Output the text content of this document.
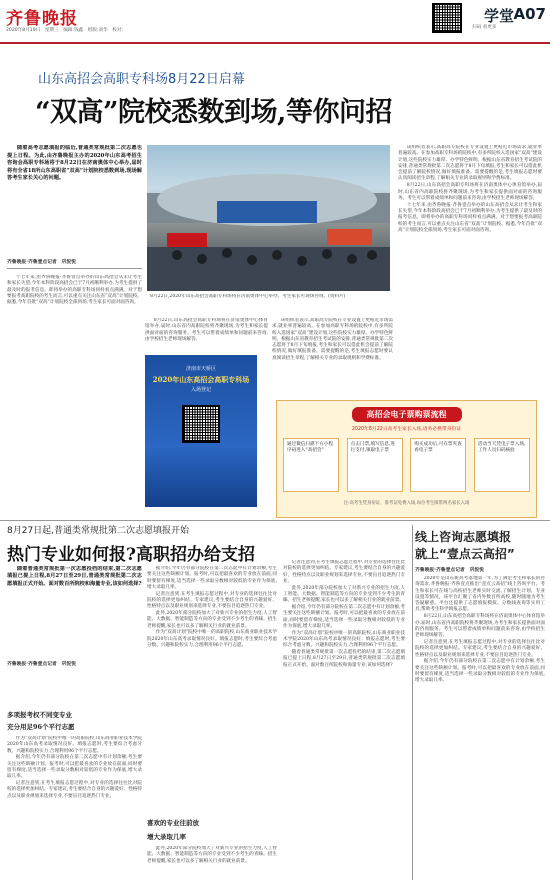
齐鲁晚报
2020年8月19日　星期三　编辑:钱鑫　组版:刘华　校对:
扫码 看更多
学堂 A07
山东高招会高职专科场8月22日启幕
“双高”院校悉数到场,等你问招

随着高考志愿填报的临近,普通类常规批第二次志愿也提上日程。为此,由齐鲁晚报主办的2020年山东高考招生咨询会高职专科场将于8月22日在济南奥体中心举办,届时将有全省18所山东高职省“双高”计划院校悉数到场,现场解答考生家长关心的问题。

齐鲁晚报·齐鲁壹点记者　巩悦悦
8月22日,2020年山东高招会高职专科场将在济南奥体中心举办。考生家长可现场咨询。(资料片)

十七年来,由齐鲁晚报·齐鲁壹点举办的山东高招会从未让考生和家长失望,今年本科阶段高招会已于7月初顺利举办,为考生提供了最及时的报考信息。即将举办的高职专科场同样看点满满。对于想要报考高职院校的考生而言,可以重点关注山东省“双高”计划院校。据悉,今年首批“双高”计划院校全部到场,考生家长可面对面咨询。

济南市天桥区
2020年山东高招会高职专科场
入场登记

8月22日,山东高招会高职专科场将在济南奥体中心体育馆举办,届时,山东省内高职院校将齐聚现场,为考生和家长提供面对面的咨询服务。考生可以带着成绩单和问题前来咨询,由学校招生老师现场解答。

该组织者表示,高职高专院校在专业设置上更贴近市场需求,就业率普遍较高。在参加高职专科场的院校中,有多所院校入选国家“双高”建设计划,这些院校实力雄厚、办学特色鲜明。根据山东省教育招生考试院的安排,普通类常规批第二次志愿将于8月下旬填报,考生和家长可以借此机会提前了解院校情况,做好填报准备。需要提醒的是,考生填报志愿时要认真阅读招生章程,了解相关专业的录取规则和学费标准。

该组织者表示,高职高专院校在专业设置上更贴近市场需求,就业率普遍较高。在参加高职专科场的院校中,有多所院校入选国家“双高”建设计划,这些院校实力雄厚、办学特色鲜明。根据山东省教育招生考试院的安排,普通类常规批第二次志愿将于8月下旬填报,考生和家长可以借此机会提前了解院校情况,做好填报准备。需要提醒的是,考生填报志愿时要认真阅读招生章程,了解相关专业的录取规则和学费标准。

8月22日,山东高招会高职专科场将在济南奥体中心体育馆举办,届时,山东省内高职院校将齐聚现场,为考生和家长提供面对面的咨询服务。考生可以带着成绩单和问题前来咨询,由学校招生老师现场解答。

十七年来,由齐鲁晚报·齐鲁壹点举办的山东高招会从未让考生和家长失望,今年本科阶段高招会已于7月初顺利举办,为考生提供了最及时的报考信息。即将举办的高职专科场同样看点满满。对于想要报考高职院校的考生而言,可以重点关注山东省“双高”计划院校。据悉,今年首批“双高”计划院校全部到场,考生家长可面对面咨询。

高招会电子票购票流程
2020年8月22日高考生家长入场,请务必携带身份证
通过微信扫描下方小程序码进入“高招会”
点击门票,填写信息,进行支付,领取电子票
购买成功后,可在票夹查看电子票
活动当天凭电子票入场,工作人员扫码核验
注:高考生凭身份证、准考证免费入场,每位考生限带两名家长入场
8月27日起,普通类常规批第二次志愿填报开始
热门专业如何报?高职招办给支招

随着普通类常规批第一次志愿投档的结束,第二次志愿填报已提上日程,8月27日至29日,普通类常规批第二次志愿填报正式开始。面对数百所院校和海量专业,该如何选择?

齐鲁晚报·齐鲁壹点记者　巩悦悦
多项报考权不同变专业
充分用足96个平行志愿

作为“双高计划”院校中唯一的高职院校,山东商业职业技术学院2020年山东高考录取情况良好。填报志愿时,考生要综合考虑分数、兴趣和院校实力,合理利用96个平行志愿。

据介绍,今年仍有部分院校在第二次志愿中有计划余额,考生要关注这些缺额计划。报考时,可以把最喜欢的专业放在前面,同时要留有梯度,适当选择一些录取分数相对较低的专业作为保底,增大录取几率。

记者注意到,在考生填报志愿过程中,对专业的选择往往比对院校的选择更加纠结。专家建议,考生要结合自身的兴趣爱好、性格特点以及职业规划来选择专业,不要盲目追逐热门专业。

据介绍,今年仍有部分院校在第二次志愿中有计划余额,考生要关注这些缺额计划。报考时,可以把最喜欢的专业放在前面,同时要留有梯度,适当选择一些录取分数相对较低的专业作为保底,增大录取几率。

记者注意到,在考生填报志愿过程中,对专业的选择往往比对院校的选择更加纠结。专家建议,考生要结合自身的兴趣爱好、性格特点以及职业规划来选择专业,不要盲目追逐热门专业。

此外,2020年部分院校加大了对新兴专业的招生力度,人工智能、大数据、智能制造等方向的专业受到不少考生的青睐。招生老师提醒,家长也可以多了解相关行业的就业前景。

作为“双高计划”院校中唯一的高职院校,山东商业职业技术学院2020年山东高考录取情况良好。填报志愿时,考生要综合考虑分数、兴趣和院校实力,合理利用96个平行志愿。

喜欢的专业往前放
增大录取几率

此外,2020年部分院校加大了对新兴专业的招生力度,人工智能、大数据、智能制造等方向的专业受到不少考生的青睐。招生老师提醒,家长也可以多了解相关行业的就业前景。

记者注意到,在考生填报志愿过程中,对专业的选择往往比对院校的选择更加纠结。专家建议,考生要结合自身的兴趣爱好、性格特点以及职业规划来选择专业,不要盲目追逐热门专业。

此外,2020年部分院校加大了对新兴专业的招生力度,人工智能、大数据、智能制造等方向的专业受到不少考生的青睐。招生老师提醒,家长也可以多了解相关行业的就业前景。

据介绍,今年仍有部分院校在第二次志愿中有计划余额,考生要关注这些缺额计划。报考时,可以把最喜欢的专业放在前面,同时要留有梯度,适当选择一些录取分数相对较低的专业作为保底,增大录取几率。

作为“双高计划”院校中唯一的高职院校,山东商业职业技术学院2020年山东高考录取情况良好。填报志愿时,考生要综合考虑分数、兴趣和院校实力,合理利用96个平行志愿。

随着普通类常规批第一次志愿投档的结束,第二次志愿填报已提上日程,8月27日至29日,普通类常规批第二次志愿填报正式开始。面对数百所院校和海量专业,该如何选择?

线上咨询志愿填报
就上“壹点云高招”
齐鲁晚报·齐鲁壹点记者　巩悦悦

2020年是山东新高考落地第一年,为了满足考生和家长的咨询需求,齐鲁晚报·齐鲁壹点推出“壹点云高招”线上咨询平台。考生和家长可在线与高校招生老师实时交流,了解招生计划、专业设置等情况。该平台汇聚了省内外数百所高校,随时随地为考生答疑解惑。平台还提供了志愿填报模拟、分数线查询等实用工具,帮助考生科学填报志愿。

8月22日,山东高招会高职专科场将在济南奥体中心体育馆举办,届时,山东省内高职院校将齐聚现场,为考生和家长提供面对面的咨询服务。考生可以带着成绩单和问题前来咨询,由学校招生老师现场解答。

记者注意到,在考生填报志愿过程中,对专业的选择往往比对院校的选择更加纠结。专家建议,考生要结合自身的兴趣爱好、性格特点以及职业规划来选择专业,不要盲目追逐热门专业。

据介绍,今年仍有部分院校在第二次志愿中有计划余额,考生要关注这些缺额计划。报考时,可以把最喜欢的专业放在前面,同时要留有梯度,适当选择一些录取分数相对较低的专业作为保底,增大录取几率。
